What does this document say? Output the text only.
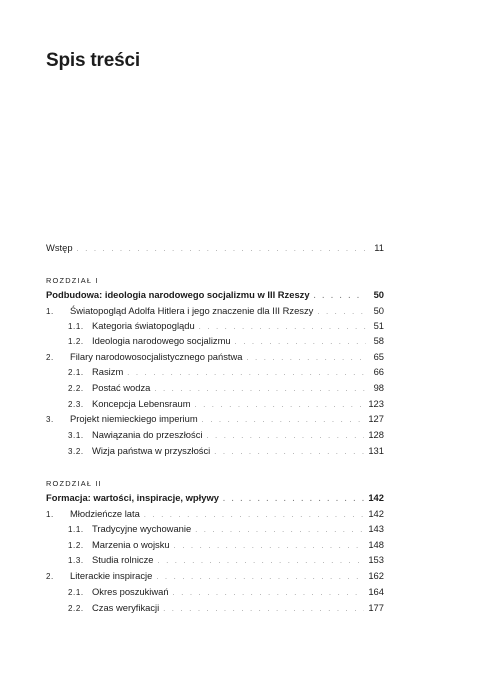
Spis treści
Wstęp . . .	11
ROZDZIAŁ I
Podbudowa: ideologia narodowego socjalizmu w III Rzeszy . . .	50
1.	Światopogląd Adolfa Hitlera i jego znaczenie dla III Rzeszy . . .	50
1.1. Kategoria światopoglądu . . .	51
1.2. Ideologia narodowego socjalizmu . . .	58
2.	Filary narodowosocjalistycznego państwa . . .	65
2.1. Rasizm . . .	66
2.2. Postać wodza . . .	98
2.3. Koncepcja Lebensraum . . .	123
3.	Projekt niemieckiego imperium . . .	127
3.1. Nawiązania do przeszłości . . .	128
3.2. Wizja państwa w przyszłości . . .	131
ROZDZIAŁ II
Formacja: wartości, inspiracje, wpływy . . .	142
1.	Młodzieńcze lata . . .	142
1.1. Tradycyjne wychowanie . . .	143
1.2. Marzenia o wojsku . . .	148
1.3. Studia rolnicze . . .	153
2.	Literackie inspiracje . . .	162
2.1. Okres poszukiwań . . .	164
2.2. Czas weryfikacji . . .	177
